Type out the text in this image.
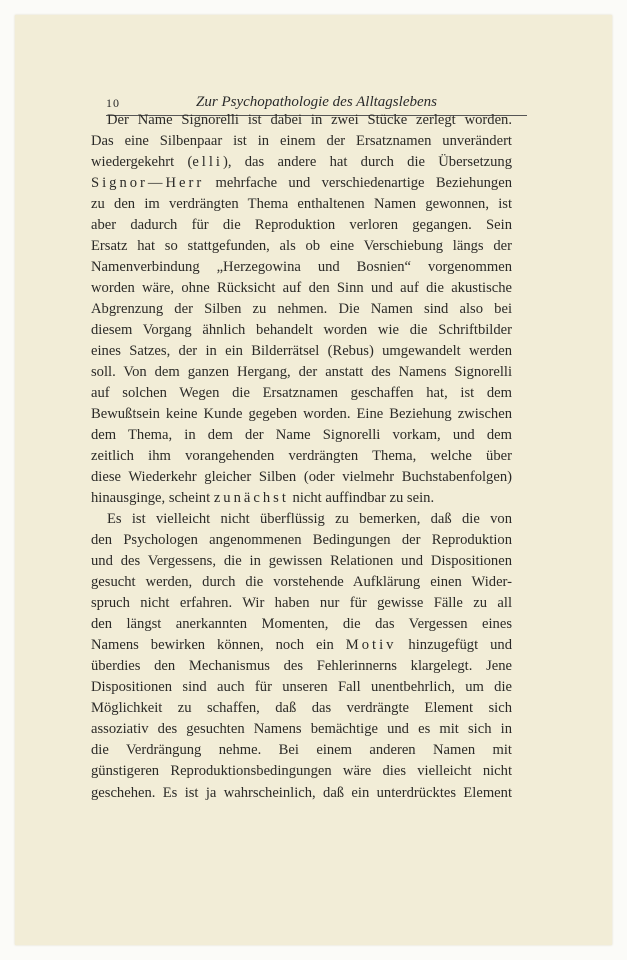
10	Zur Psychopathologie des Alltagslebens
Der Name Signorelli ist dabei in zwei Stücke zerlegt worden.
Das eine Silbenpaar ist in einem der Ersatznamen unverändert
wiedergekehrt (elli), das andere hat durch die Übersetzung
Signor—Herr mehrfache und verschiedenartige Beziehungen
zu den im verdrängten Thema enthaltenen Namen gewonnen, ist
aber dadurch für die Reproduktion verloren gegangen. Sein
Ersatz hat so stattgefunden, als ob eine Verschiebung längs der
Namenverbindung „Herzegowina und Bosnien“ vorgenommen
worden wäre, ohne Rücksicht auf den Sinn und auf die akustische
Abgrenzung der Silben zu nehmen. Die Namen sind also bei
diesem Vorgang ähnlich behandelt worden wie die Schriftbilder
eines Satzes, der in ein Bilderrätsel (Rebus) umgewandelt werden
soll. Von dem ganzen Hergang, der anstatt des Namens Signorelli
auf solchen Wegen die Ersatznamen geschaffen hat, ist dem
Bewußtsein keine Kunde gegeben worden. Eine Beziehung zwischen
dem Thema, in dem der Name Signorelli vorkam, und dem
zeitlich ihm vorangehenden verdrängten Thema, welche über
diese Wiederkehr gleicher Silben (oder vielmehr Buchstabenfolgen)
hinausginge, scheint zunächst nicht auffindbar zu sein.
Es ist vielleicht nicht überflüssig zu bemerken, daß die von
den Psychologen angenommenen Bedingungen der Reproduktion
und des Vergessens, die in gewissen Relationen und Dispositionen
gesucht werden, durch die vorstehende Aufklärung einen Wider-
spruch nicht erfahren. Wir haben nur für gewisse Fälle zu all
den längst anerkannten Momenten, die das Vergessen eines
Namens bewirken können, noch ein Motiv hinzugefügt und
überdies den Mechanismus des Fehlerinnerns klargelegt. Jene
Dispositionen sind auch für unseren Fall unentbehrlich, um die
Möglichkeit zu schaffen, daß das verdrängte Element sich
assoziativ des gesuchten Namens bemächtige und es mit sich in
die Verdrängung nehme. Bei einem anderen Namen mit
günstigeren Reproduktionsbedingungen wäre dies vielleicht nicht
geschehen. Es ist ja wahrscheinlich, daß ein unterdrücktes Element
